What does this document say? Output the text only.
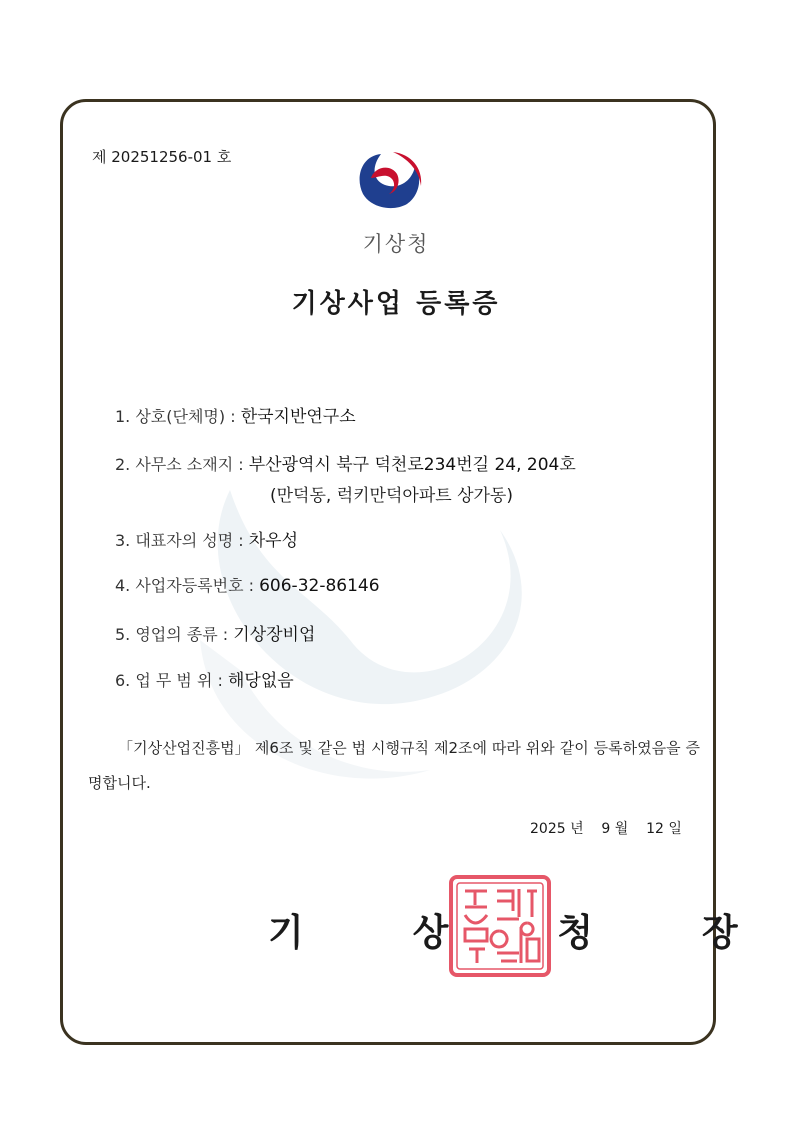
제 20251256-01 호
기상청
기상사업 등록증
1. 상호(단체명) : 한국지반연구소
2. 사무소 소재지 : 부산광역시 북구 덕천로234번길 24, 204호
(만덕동, 럭키만덕아파트 상가동)
3. 대표자의 성명 : 차우성
4. 사업자등록번호 : 606-32-86146
5. 영업의 종류 : 기상장비업
6. 업 무 범 위 : 해당없음
「기상산업진흥법」 제6조 및 같은 법 시행규칙 제2조에 따라 위와 같이 등록하였음을 증명합니다.
2025 년    9 월    12 일
기 상 청 장
